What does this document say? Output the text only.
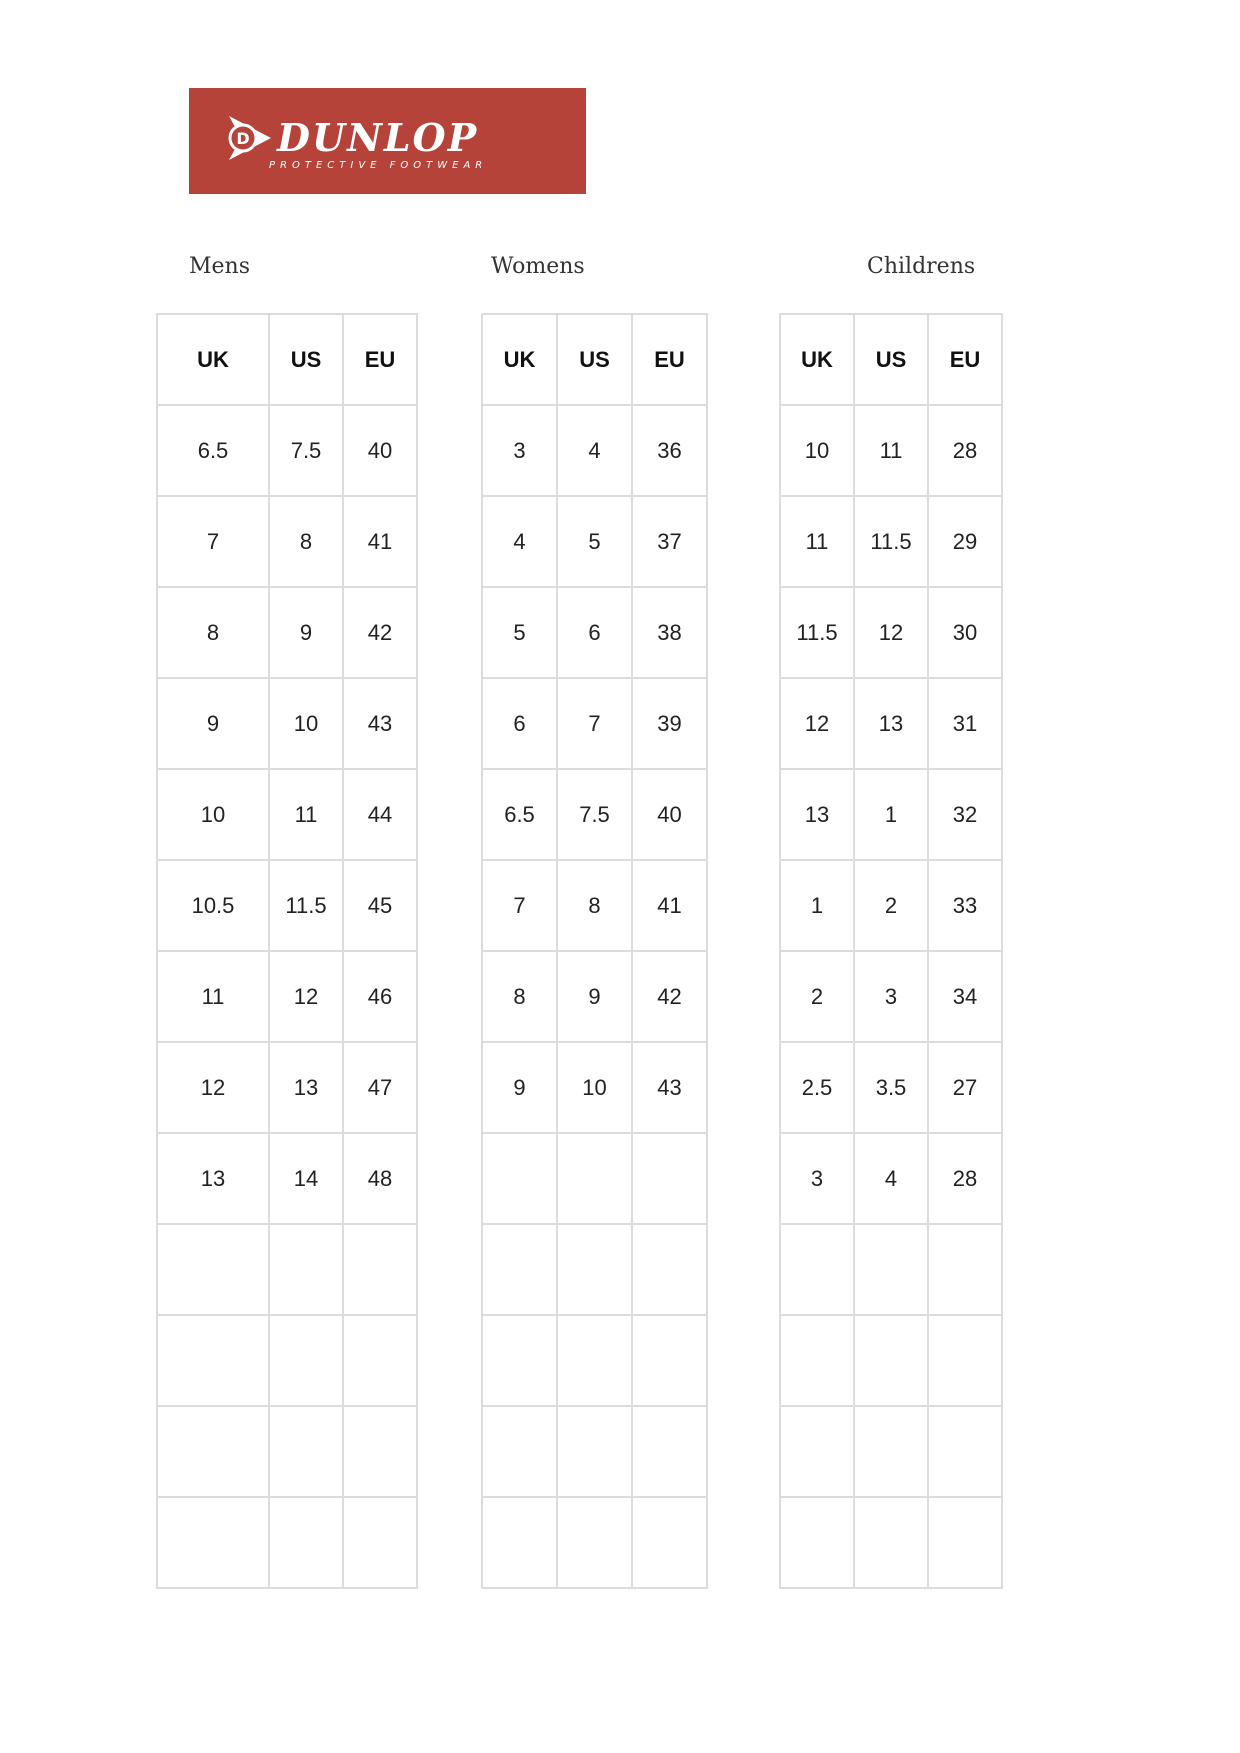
D DUNLOP
PROTECTIVE FOOTWEAR
Mens	Womens	Childrens
UK	US	EU
6.5	7.5	40
7	8	41
8	9	42
9	10	43
10	11	44
10.5	11.5	45
11	12	46
12	13	47
13	14	48

UK	US	EU
3	4	36
4	5	37
5	6	38
6	7	39
6.5	7.5	40
7	8	41
8	9	42
9	10	43

UK	US	EU
10	11	28
11	11.5	29
11.5	12	30
12	13	31
13	1	32
1	2	33
2	3	34
2.5	3.5	27
3	4	28
